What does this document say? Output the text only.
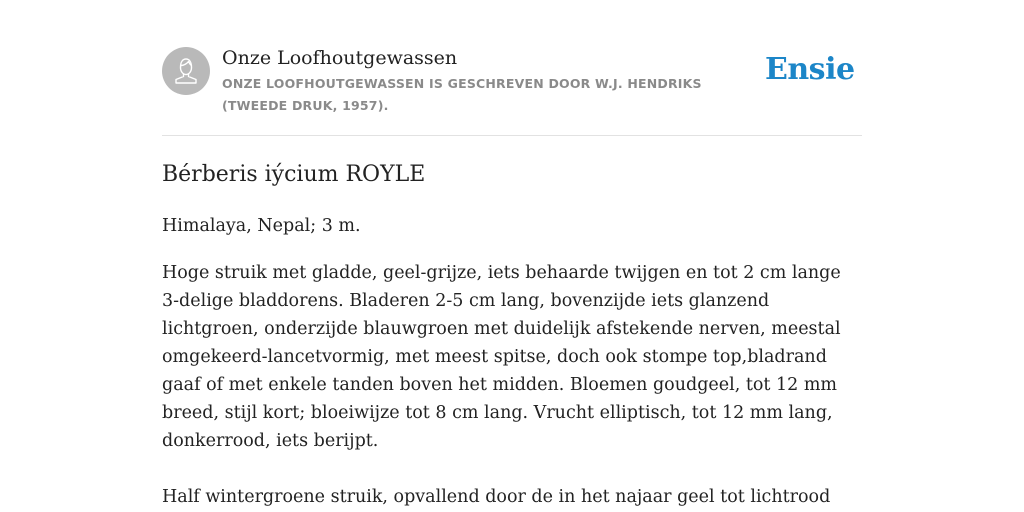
Onze Loofhoutgewassen
ONZE LOOFHOUTGEWASSEN IS GESCHREVEN DOOR W.J. HENDRIKS (TWEEDE DRUK, 1957).
Ensie
Bérberis iýcium ROYLE

Himalaya, Nepal; 3 m.

Hoge struik met gladde, geel-grijze, iets behaarde twijgen en tot 2 cm lange 3-delige bladdorens. Bladeren 2-5 cm lang, bovenzijde iets glanzend lichtgroen, onderzijde blauwgroen met duidelijk afstekende nerven, meestal omgekeerd-lancetvormig, met meest spitse, doch ook stompe top,bladrand gaaf of met enkele tanden boven het midden. Bloemen goudgeel, tot 12 mm breed, stijl kort; bloeiwijze tot 8 cm lang. Vrucht elliptisch, tot 12 mm lang, donkerrood, iets berijpt.

Half wintergroene struik, opvallend door de in het najaar geel tot lichtrood
